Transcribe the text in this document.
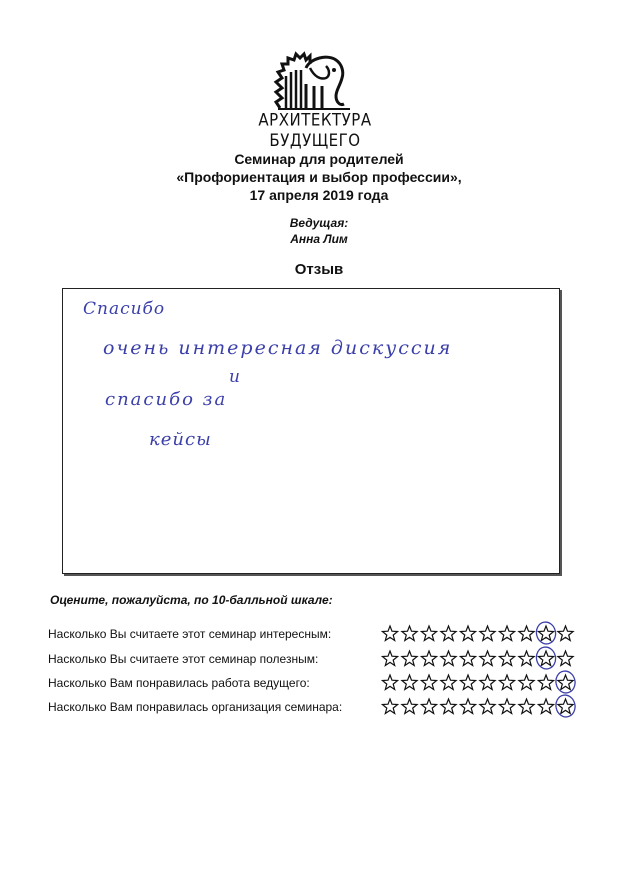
АРХИТЕКТУРА БУДУЩЕГО
Семинар для родителей
«Профориентация и выбор профессии»,
17 апреля 2019 года
Ведущая:
Анна Лим
Отзыв
Спасибо
очень интересная дискуссия
и
спасибо за
кейсы
Оцените, пожалуйста, по 10-балльной шкале:
Насколько Вы считаете этот семинар интересным:
Насколько Вы считаете этот семинар полезным:
Насколько Вам понравилась работа ведущего:
Насколько Вам понравилась организация семинара:
